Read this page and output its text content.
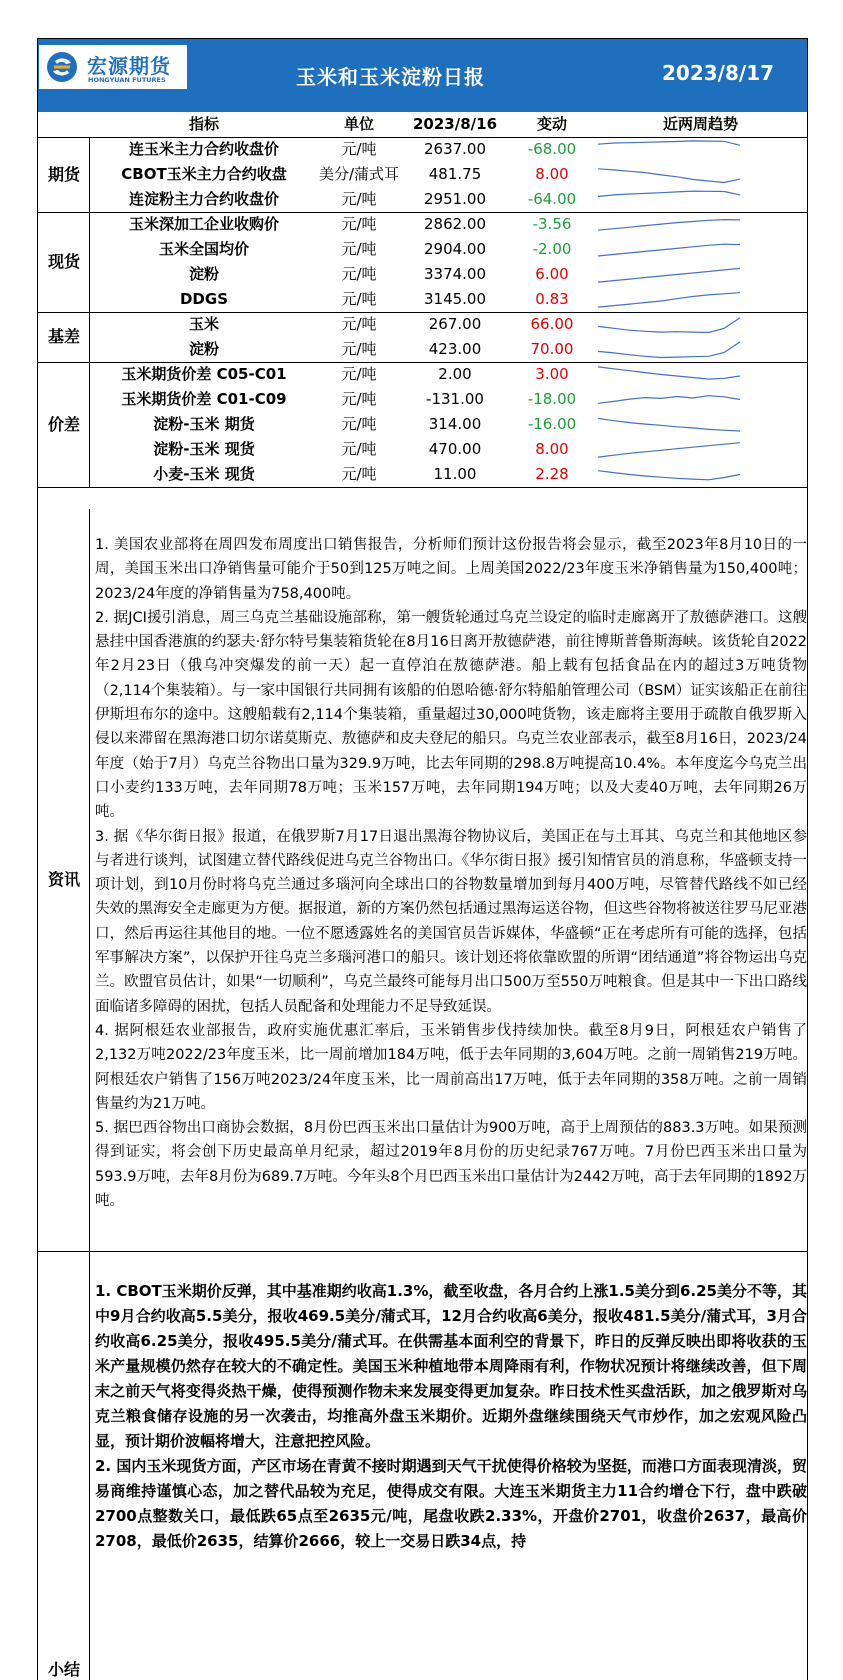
宏源期货
HONGYUAN FUTURES	玉米和玉米淀粉日报	2023/8/17
指标	单位	2023/8/16	变动	近两周趋势
连玉米主力合约收盘价	元/吨	2637.00	-68.00
CBOT玉米主力合约收盘	美分/蒲式耳	481.75	8.00
连淀粉主力合约收盘价	元/吨	2951.00	-64.00
期货
玉米深加工企业收购价	元/吨	2862.00	-3.56
玉米全国均价	元/吨	2904.00	-2.00
淀粉	元/吨	3374.00	6.00
DDGS	元/吨	3145.00	0.83
现货
玉米	元/吨	267.00	66.00
淀粉	元/吨	423.00	70.00
基差
玉米期货价差 C05-C01	元/吨	2.00	3.00
玉米期货价差 C01-C09	元/吨	-131.00	-18.00
淀粉-玉米 期货	元/吨	314.00	-16.00
淀粉-玉米 现货	元/吨	470.00	8.00
小麦-玉米 现货	元/吨	11.00	2.28
价差
资讯
1. 美国农业部将在周四发布周度出口销售报告，分析师们预计这份报告将会显示，截至2023年8月10日的一周，美国玉米出口净销售量可能介于50到125万吨之间。上周美国2022/23年度玉米净销售量为150,400吨；2023/24年度的净销售量为758,400吨。
2. 据JCI援引消息，周三乌克兰基础设施部称，第一艘货轮通过乌克兰设定的临时走廊离开了敖德萨港口。这艘悬挂中国香港旗的约瑟夫·舒尔特号集装箱货轮在8月16日离开敖德萨港，前往博斯普鲁斯海峡。该货轮自2022年2月23日（俄乌冲突爆发的前一天）起一直停泊在敖德萨港。船上载有包括食品在内的超过3万吨货物（2,114个集装箱）。与一家中国银行共同拥有该船的伯恩哈德·舒尔特船舶管理公司（BSM）证实该船正在前往伊斯坦布尔的途中。这艘船载有2,114个集装箱，重量超过30,000吨货物，该走廊将主要用于疏散自俄罗斯入侵以来滞留在黑海港口切尔诺莫斯克、敖德萨和皮夫登尼的船只。乌克兰农业部表示，截至8月16日，2023/24年度（始于7月）乌克兰谷物出口量为329.9万吨，比去年同期的298.8万吨提高10.4%。本年度迄今乌克兰出口小麦约133万吨，去年同期78万吨；玉米157万吨，去年同期194万吨；以及大麦40万吨，去年同期26万吨。
3. 据《华尔街日报》报道，在俄罗斯7月17日退出黑海谷物协议后，美国正在与土耳其、乌克兰和其他地区参与者进行谈判，试图建立替代路线促进乌克兰谷物出口。《华尔街日报》援引知情官员的消息称，华盛顿支持一项计划，到10月份时将乌克兰通过多瑙河向全球出口的谷物数量增加到每月400万吨，尽管替代路线不如已经失效的黑海安全走廊更为方便。据报道，新的方案仍然包括通过黑海运送谷物，但这些谷物将被送往罗马尼亚港口，然后再运往其他目的地。一位不愿透露姓名的美国官员告诉媒体，华盛顿“正在考虑所有可能的选择，包括军事解决方案”，以保护开往乌克兰多瑙河港口的船只。该计划还将依靠欧盟的所谓“团结通道”将谷物运出乌克兰。欧盟官员估计，如果“一切顺利”，乌克兰最终可能每月出口500万至550万吨粮食。但是其中一下出口路线面临诸多障碍的困扰，包括人员配备和处理能力不足导致延误。
4. 据阿根廷农业部报告，政府实施优惠汇率后，玉米销售步伐持续加快。截至8月9日，阿根廷农户销售了2,132万吨2022/23年度玉米，比一周前增加184万吨，低于去年同期的3,604万吨。之前一周销售219万吨。 阿根廷农户销售了156万吨2023/24年度玉米，比一周前高出17万吨，低于去年同期的358万吨。之前一周销售量约为21万吨。
5. 据巴西谷物出口商协会数据，8月份巴西玉米出口量估计为900万吨，高于上周预估的883.3万吨。如果预测得到证实，将会创下历史最高单月纪录，超过2019年8月份的历史纪录767万吨。7月份巴西玉米出口量为593.9万吨，去年8月份为689.7万吨。今年头8个月巴西玉米出口量估计为2442万吨，高于去年同期的1892万吨。
小结
1. CBOT玉米期价反弹，其中基准期约收高1.3%，截至收盘，各月合约上涨1.5美分到6.25美分不等，其中9月合约收高5.5美分，报收469.5美分/蒲式耳，12月合约收高6美分，报收481.5美分/蒲式耳，3月合约收高6.25美分，报收495.5美分/蒲式耳。在供需基本面利空的背景下，昨日的反弹反映出即将收获的玉米产量规模仍然存在较大的不确定性。美国玉米种植地带本周降雨有利，作物状况预计将继续改善，但下周末之前天气将变得炎热干燥，使得预测作物未来发展变得更加复杂。昨日技术性买盘活跃，加之俄罗斯对乌克兰粮食储存设施的另一次袭击，均推高外盘玉米期价。近期外盘继续围绕天气市炒作，加之宏观风险凸显，预计期价波幅将增大，注意把控风险。
2. 国内玉米现货方面，产区市场在青黄不接时期遇到天气干扰使得价格较为坚挺，而港口方面表现清淡，贸易商维持谨慎心态，加之替代品较为充足，使得成交有限。大连玉米期货主力11合约增仓下行，盘中跌破2700点整数关口，最低跌65点至2635元/吨，尾盘收跌2.33%，开盘价2701，收盘价2637，最高价2708，最低价2635，结算价2666，较上一交易日跌34点，持
